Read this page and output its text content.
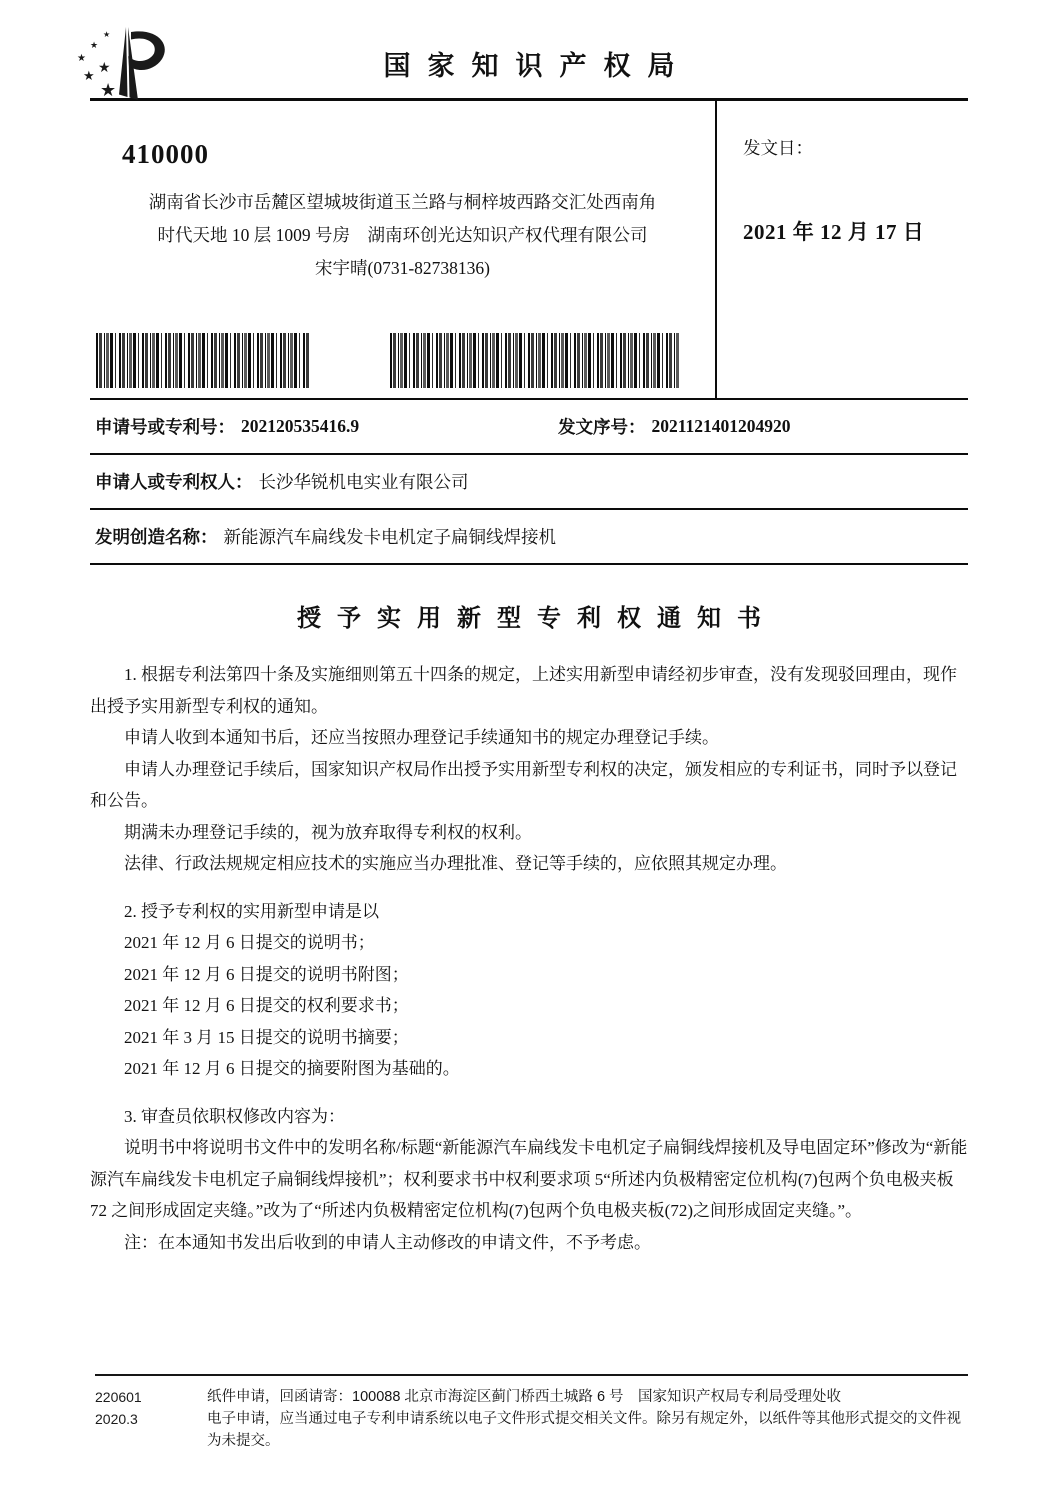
★
★
★
★
★
★
国家知识产权局
410000
湖南省长沙市岳麓区望城坡街道玉兰路与桐梓坡西路交汇处西南角
时代天地 10 层 1009 号房　湖南环创光达知识产权代理有限公司
宋宇晴(0731-82738136)
发文日：
2021 年 12 月 17 日
申请号或专利号： 202120535416.9	发文序号： 2021121401204920
申请人或专利权人： 长沙华锐机电实业有限公司
发明创造名称： 新能源汽车扁线发卡电机定子扁铜线焊接机
授予实用新型专利权通知书

1. 根据专利法第四十条及实施细则第五十四条的规定，上述实用新型申请经初步审查，没有发现驳回理由，现作出授予实用新型专利权的通知。

申请人收到本通知书后，还应当按照办理登记手续通知书的规定办理登记手续。

申请人办理登记手续后，国家知识产权局作出授予实用新型专利权的决定，颁发相应的专利证书，同时予以登记和公告。

期满未办理登记手续的，视为放弃取得专利权的权利。

法律、行政法规规定相应技术的实施应当办理批准、登记等手续的，应依照其规定办理。

2. 授予专利权的实用新型申请是以

2021 年 12 月 6 日提交的说明书；

2021 年 12 月 6 日提交的说明书附图；

2021 年 12 月 6 日提交的权利要求书；

2021 年 3 月 15 日提交的说明书摘要；

2021 年 12 月 6 日提交的摘要附图为基础的。

3. 审查员依职权修改内容为：

说明书中将说明书文件中的发明名称/标题“新能源汽车扁线发卡电机定子扁铜线焊接机及导电固定环”修改为“新能源汽车扁线发卡电机定子扁铜线焊接机”；权利要求书中权利要求项 5“所述内负极精密定位机构(7)包两个负电极夹板 72 之间形成固定夹缝。”改为了“所述内负极精密定位机构(7)包两个负电极夹板(72)之间形成固定夹缝。”。

注：在本通知书发出后收到的申请人主动修改的申请文件，不予考虑。

220601
2020.3

纸件申请，回函请寄：100088 北京市海淀区蓟门桥西土城路 6 号　国家知识产权局专利局受理处收

电子申请，应当通过电子专利申请系统以电子文件形式提交相关文件。除另有规定外，以纸件等其他形式提交的文件视为未提交。
